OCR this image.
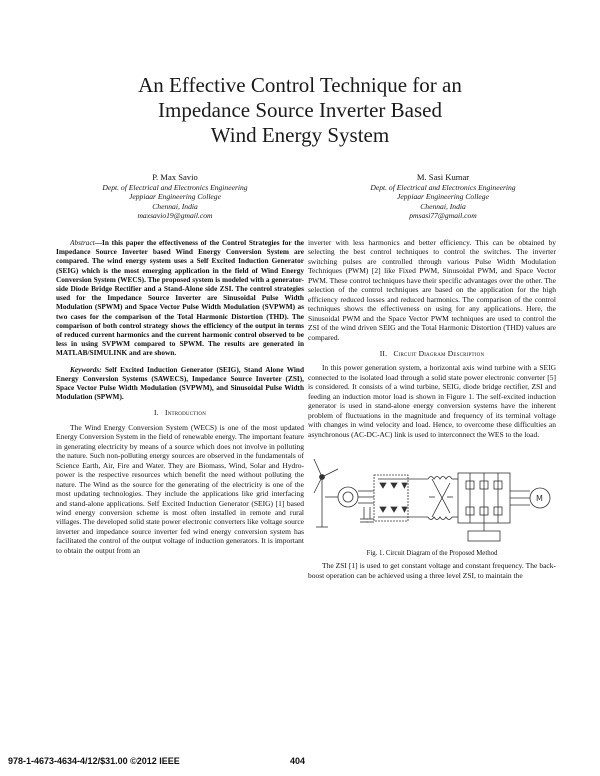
An Effective Control Technique for an
Impedance Source Inverter Based
Wind Energy System
P. Max Savio
Dept. of Electrical and Electronics Engineering
Jeppiaar Engineering College
Chennai, India
maxsavio19@gmail.com
M. Sasi Kumar
Dept. of Electrical and Electronics Engineering
Jeppiaar Engineering College
Chennai, India
pmsasi77@gmail.com

Abstract—In this paper the effectiveness of the Control Strategies for the Impedance Source Inverter based Wind Energy Conversion System are compared. The wind energy system uses a Self Excited Induction Generator (SEIG) which is the most emerging application in the field of Wind Energy Conversion System (WECS). The proposed system is modeled with a generator-side Diode Bridge Rectifier and a Stand-Alone side ZSI. The control strategies used for the Impedance Source Inverter are Sinusoidal Pulse Width Modulation (SPWM) and Space Vector Pulse Width Modulation (SVPWM) as two cases for the comparison of the Total Harmonic Distortion (THD). The comparison of both control strategy shows the efficiency of the output in terms of reduced current harmonics and the current harmonic control observed to be less in using SVPWM compared to SPWM. The results are generated in MATLAB/SIMULINK and are shown.

Keywords: Self Excited Induction Generator (SEIG), Stand Alone Wind Energy Conversion Systems (SAWECS), Impedance Source Inverter (ZSI), Space Vector Pulse Width Modulation (SVPWM), and Sinusoidal Pulse Width Modulation (SPWM).

I. Introduction

The Wind Energy Conversion System (WECS) is one of the most updated Energy Conversion System in the field of renewable energy. The important feature in generating electricity by means of a source which does not involve in polluting the nature. Such non-polluting energy sources are observed in the fundamentals of Science Earth, Air, Fire and Water. They are Biomass, Wind, Solar and Hydro-power is the respective resources which benefit the need without polluting the nature. The Wind as the source for the generating of the electricity is one of the most updating technologies. They include the applications like grid interfacing and stand-alone applications. Self Excited Induction Generator (SEIG) [1] based wind energy conversion scheme is most often installed in remote and rural villages. The developed solid state power electronic converters like voltage source inverter and impedance source inverter fed wind energy conversion system has facilitated the control of the output voltage of induction generators. It is important to obtain the output from an

inverter with less harmonics and better efficiency. This can be obtained by selecting the best control techniques to control the switches. The inverter switching pulses are controlled through various Pulse Width Modulation Techniques (PWM) [2] like Fixed PWM, Sinusoidal PWM, and Space Vector PWM. These control techniques have their specific advantages over the other. The selection of the control techniques are based on the application for the high efficiency reduced losses and reduced harmonics. The comparison of the control techniques shows the effectiveness on using for any applications. Here, the Sinusoidal PWM and the Space Vector PWM techniques are used to control the ZSI of the wind driven SEIG and the Total Harmonic Distortion (THD) values are compared.

II. Circuit Diagram Description

In this power generation system, a horizontal axis wind turbine with a SEIG connected to the isolated load through a solid state power electronic converter [5] is considered. It consists of a wind turbine, SEIG, diode bridge rectifier, ZSI and feeding an induction motor load is shown in Figure 1. The self-excited induction generator is used in stand-alone energy conversion systems have the inherent problem of fluctuations in the magnitude and frequency of its terminal voltage with changes in wind velocity and load. Hence, to overcome these difficulties an asynchronous (AC-DC-AC) link is used to interconnect the WES to the load.

M

Fig. 1. Circuit Diagram of the Proposed Method

The ZSI [1] is used to get constant voltage and constant frequency. The back-boost operation can be achieved using a three level ZSI, to maintain the

978-1-4673-4634-4/12/$31.00 ©2012 IEEE	404
